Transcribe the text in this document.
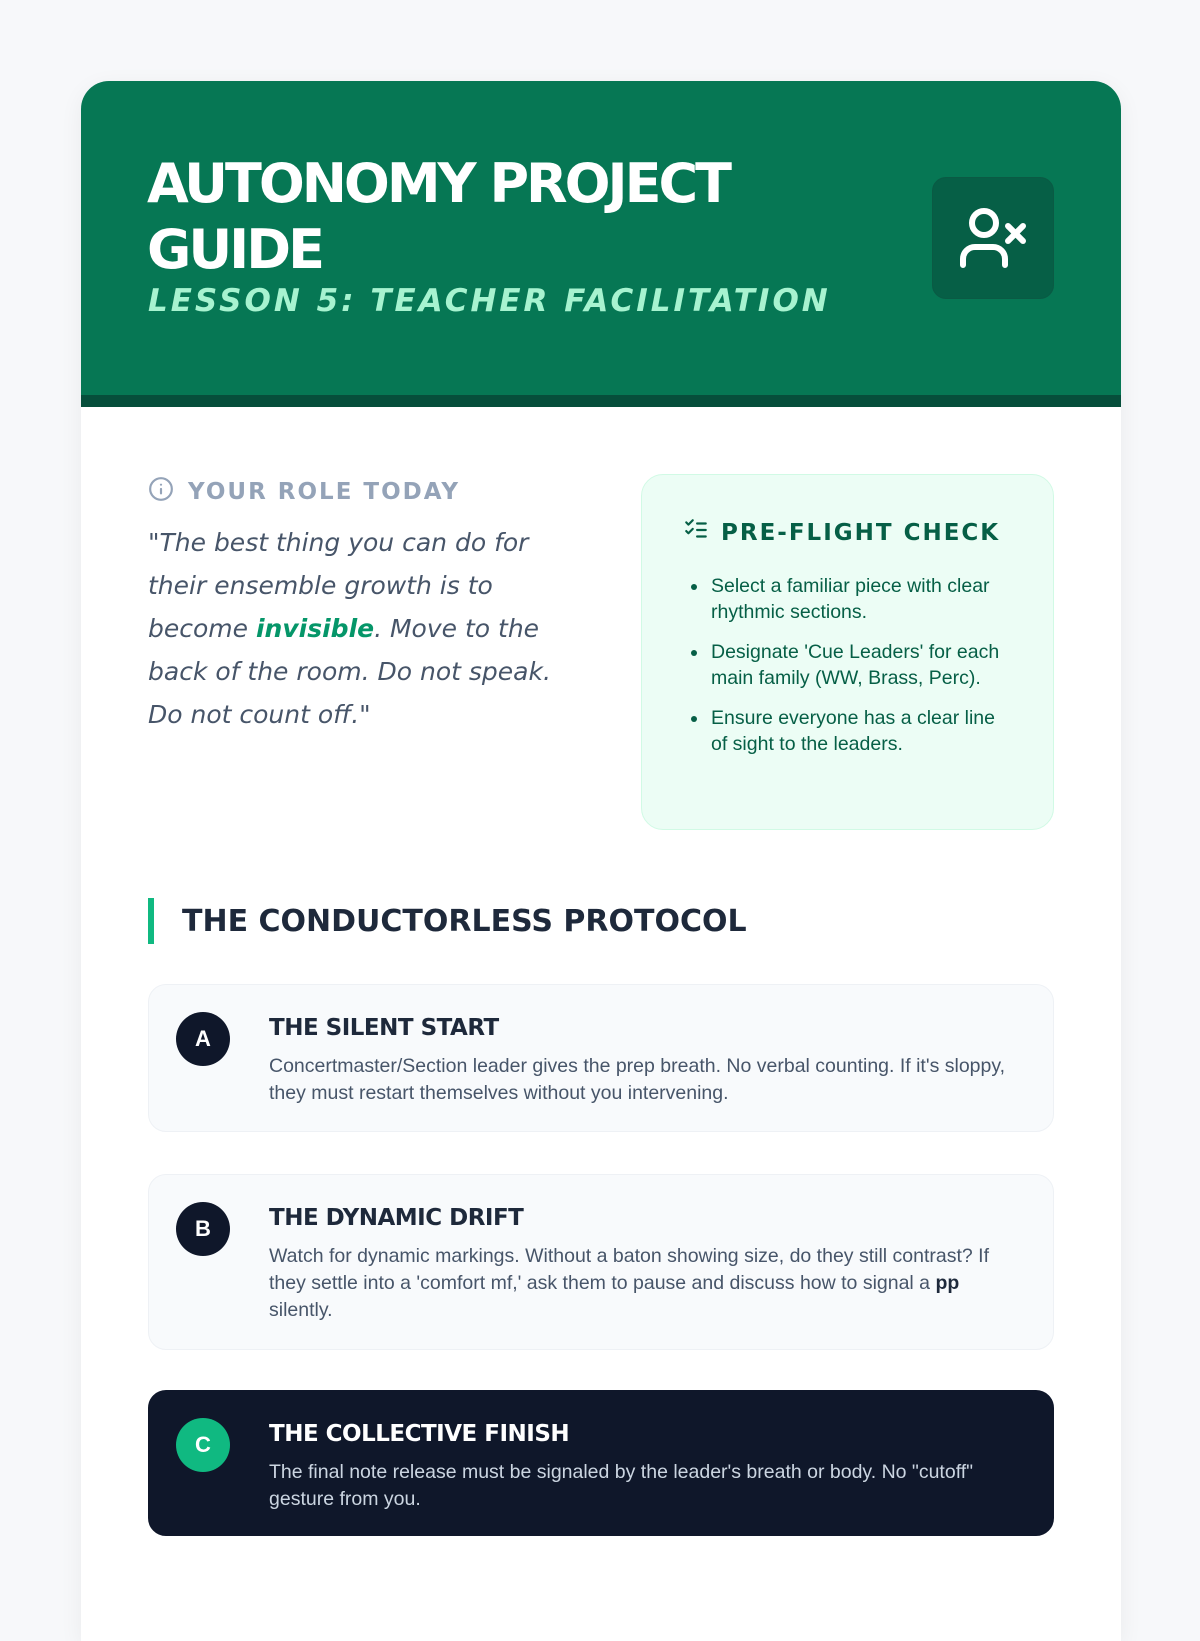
AUTONOMY PROJECT GUIDE
LESSON 5: TEACHER FACILITATION
YOUR ROLE TODAY

"The best thing you can do for their ensemble growth is to become invisible. Move to the back of the room. Do not speak. Do not count off."

PRE-FLIGHT CHECK
• Select a familiar piece with clear rhythmic sections.
• Designate 'Cue Leaders' for each main family (WW, Brass, Perc).
• Ensure everyone has a clear line of sight to the leaders.
THE CONDUCTORLESS PROTOCOL
A	THE SILENT START

Concertmaster/Section leader gives the prep breath. No verbal counting. If it's sloppy, they must restart themselves without you intervening.

B	THE DYNAMIC DRIFT

Watch for dynamic markings. Without a baton showing size, do they still contrast? If they settle into a 'comfort mf,' ask them to pause and discuss how to signal a pp silently.

C	THE COLLECTIVE FINISH

The final note release must be signaled by the leader's breath or body. No "cutoff" gesture from you.
